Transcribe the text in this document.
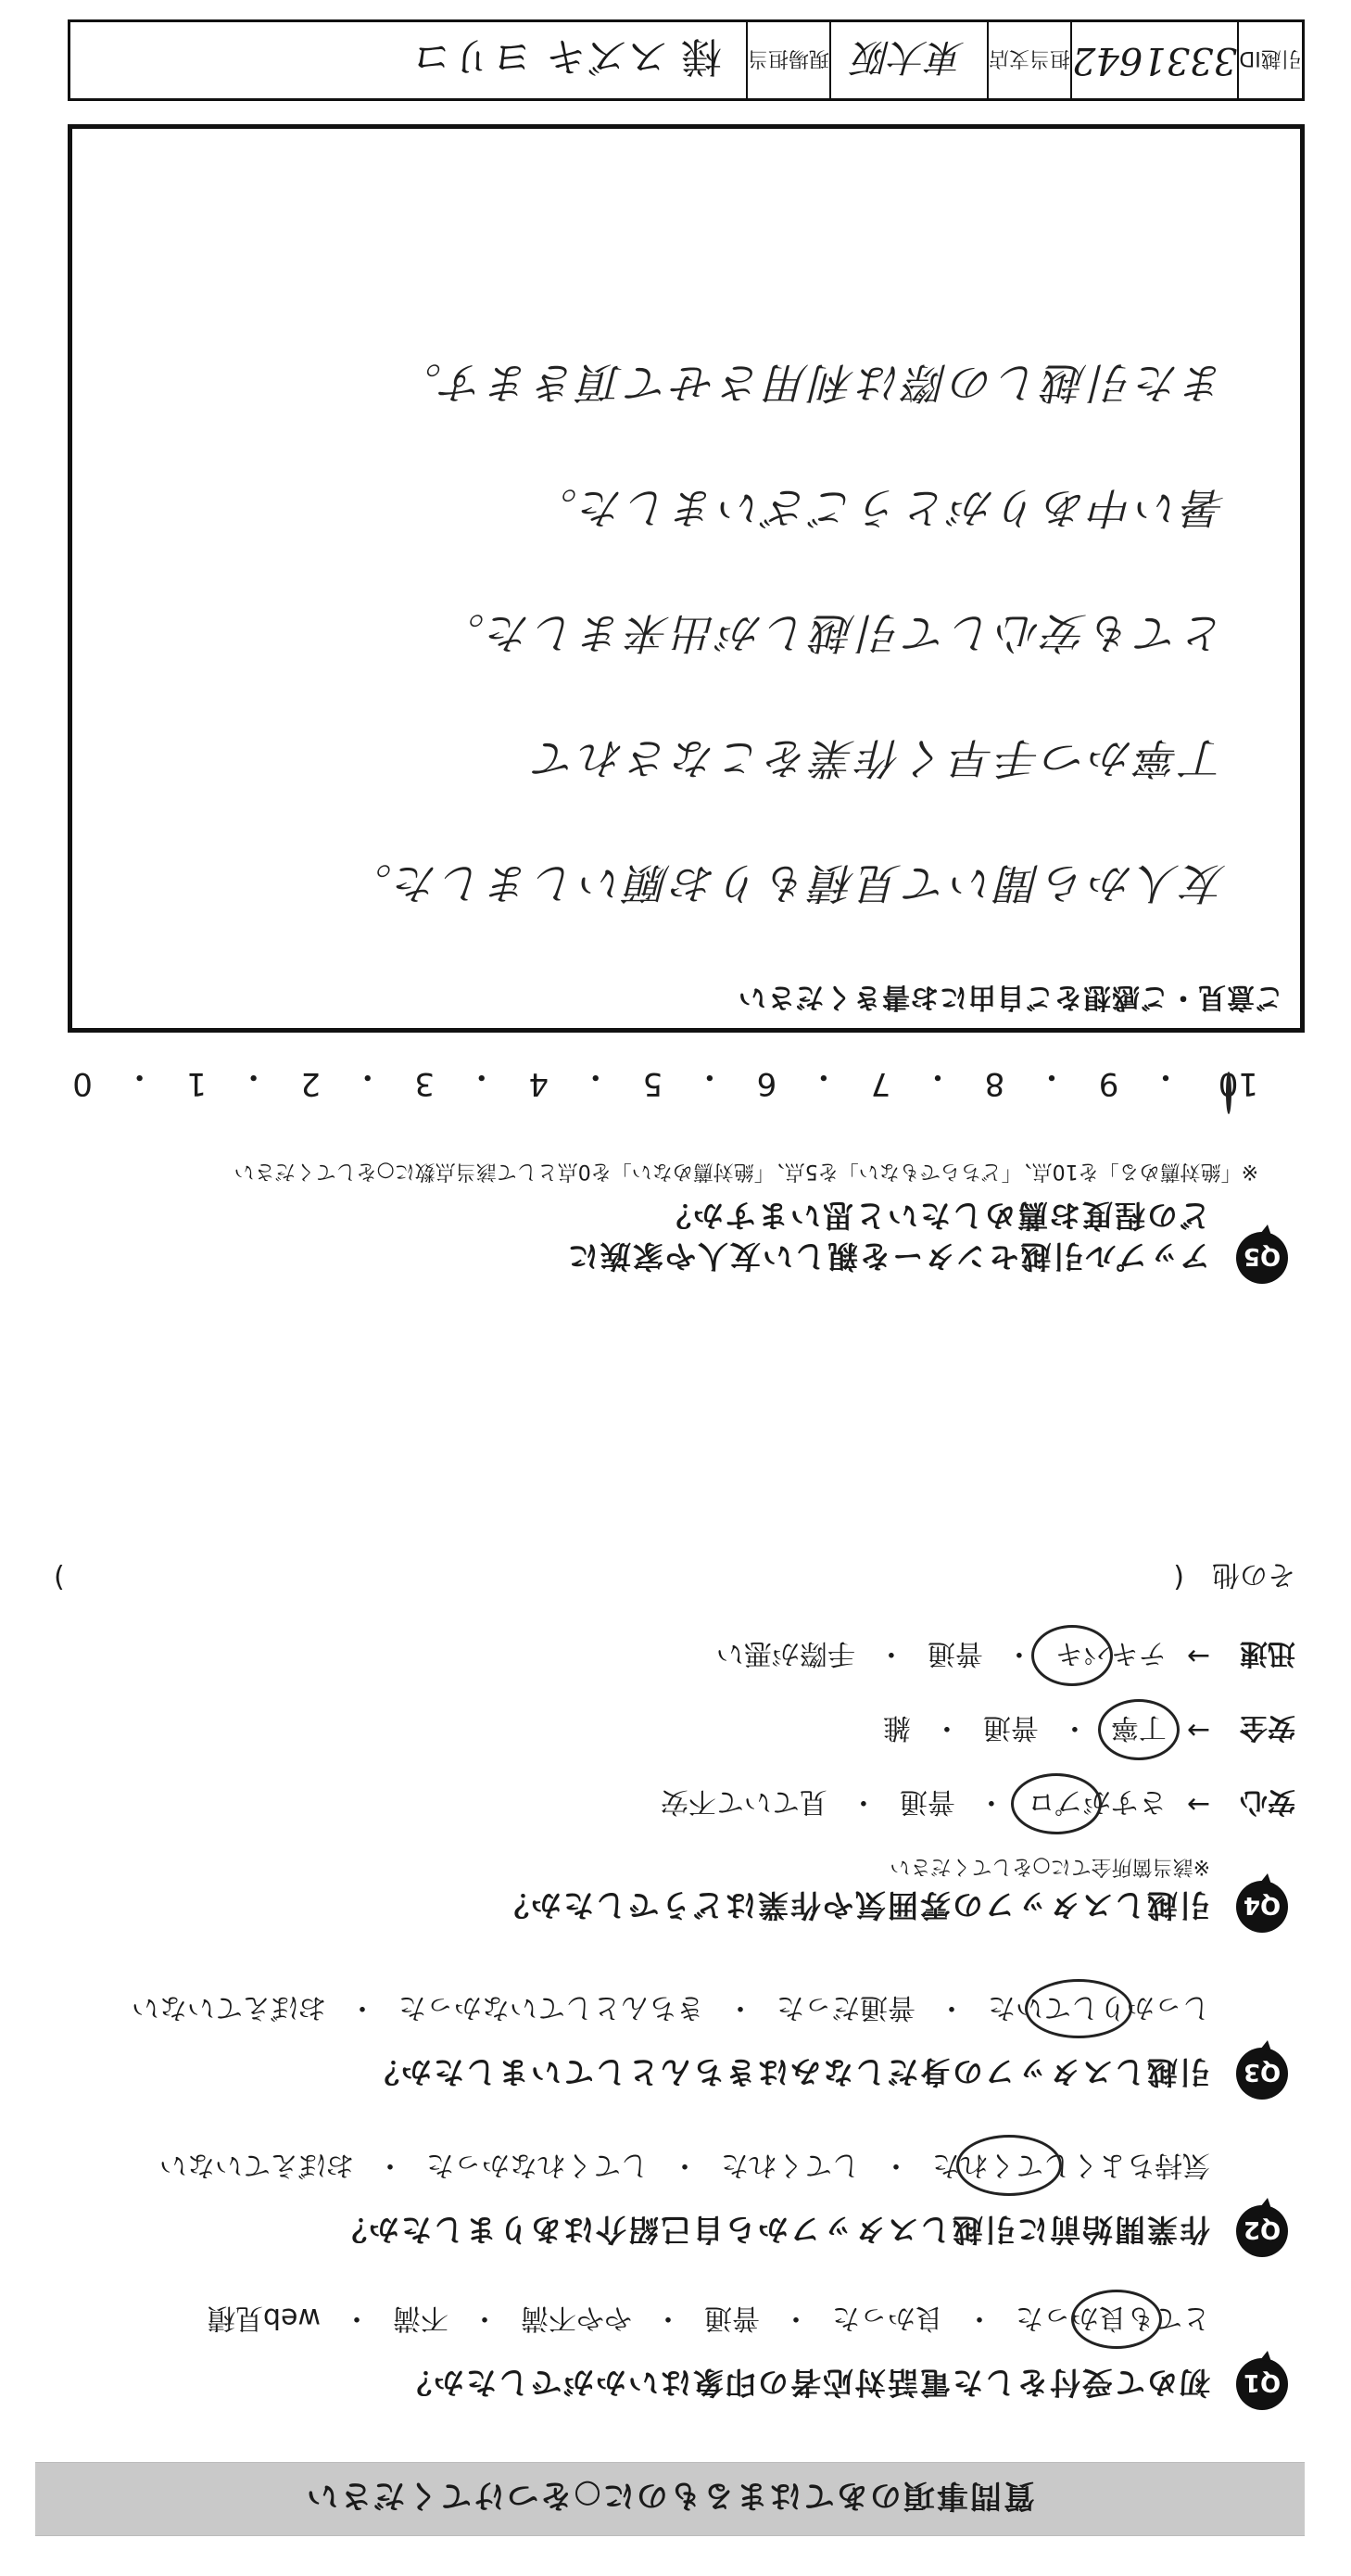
質問事項のあてはまるものに○をつけてください
Q1
初めて受付をした電話対応者の印象はいかがでしたか？
とても良かった
・
良かった
・
普通
・
やや不満
・
不満
・
web見積
Q2
作業開始前に引越しスタッフから自己紹介はありましたか？
気持ちよくしてくれた
・
してくれた
・
してくれなかった
・
おぼえていない
Q3
引越しスタッフの身だしなみはきちんとしていましたか？
しっかりしていた
・
普通だった
・
きちんとしていなかった
・
おぼえていない
Q4
引越しスタッフの雰囲気や作業はどうでしたか？
※該当箇所全てに○をしてください
安心
→
さすがプロ
・
普通
・
見ていて不安
安全
→
丁寧
・
普通
・
雑
迅速
→
テキパキ
・
普通
・
手際が悪い
その他
(
)
Q5
アップル引越センターを親しい友人や家族に
どの程度お薦めしたいと思いますか？
※「絶対薦める」を10点、「どちらでもない」を5点、「絶対薦めない」を0点として該当点数に○をしてください
10
・
9
・
8
・
7
・
6
・
5
・
4
・
3
・
2
・
1
・
0
ご意見・ご感想をご自由にお書きください
友人から聞いて見積もりお願いしました。
丁寧かつ手早く作業をこなされて
とても安心して引越しが出来ました。
暑い中ありがとうございました。
また引越しの際は利用させて頂きます。
引越ID
3331642
担当支店
東大阪
現場担当
様 スズキ ヨリコ
